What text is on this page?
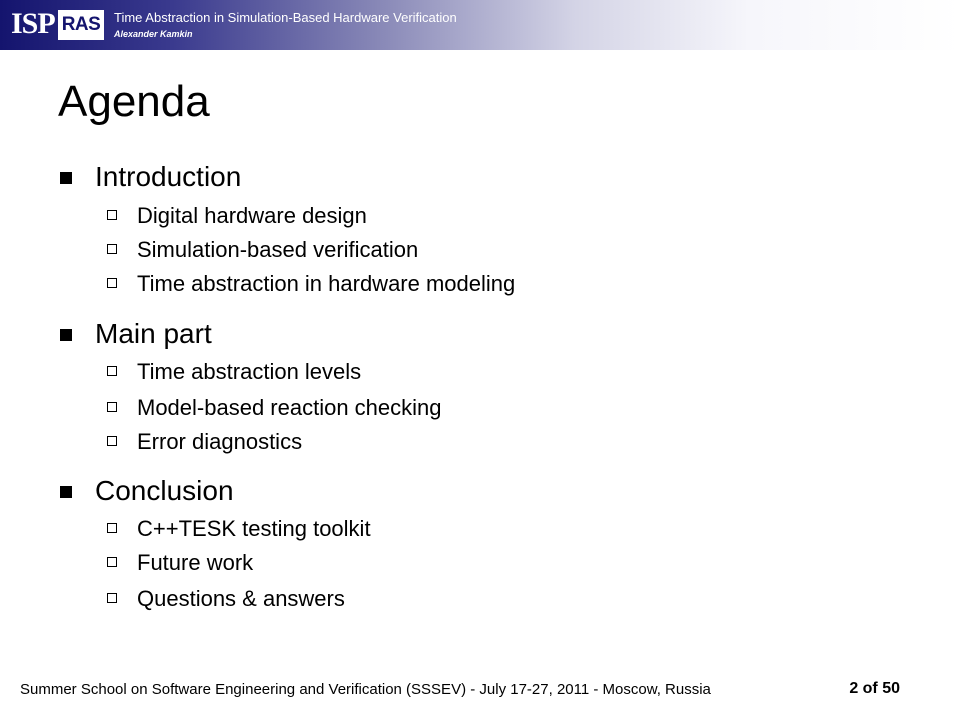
ISP RAS	Time Abstraction in Simulation-Based Hardware Verification
Alexander Kamkin
Agenda
Introduction
Digital hardware design
Simulation-based verification
Time abstraction in hardware modeling
Main part
Time abstraction levels
Model-based reaction checking
Error diagnostics
Conclusion
C++TESK testing toolkit
Future work
Questions & answers
Summer School on Software Engineering and Verification (SSSEV) - July 17-27, 2011 - Moscow, Russia	2 of 50
